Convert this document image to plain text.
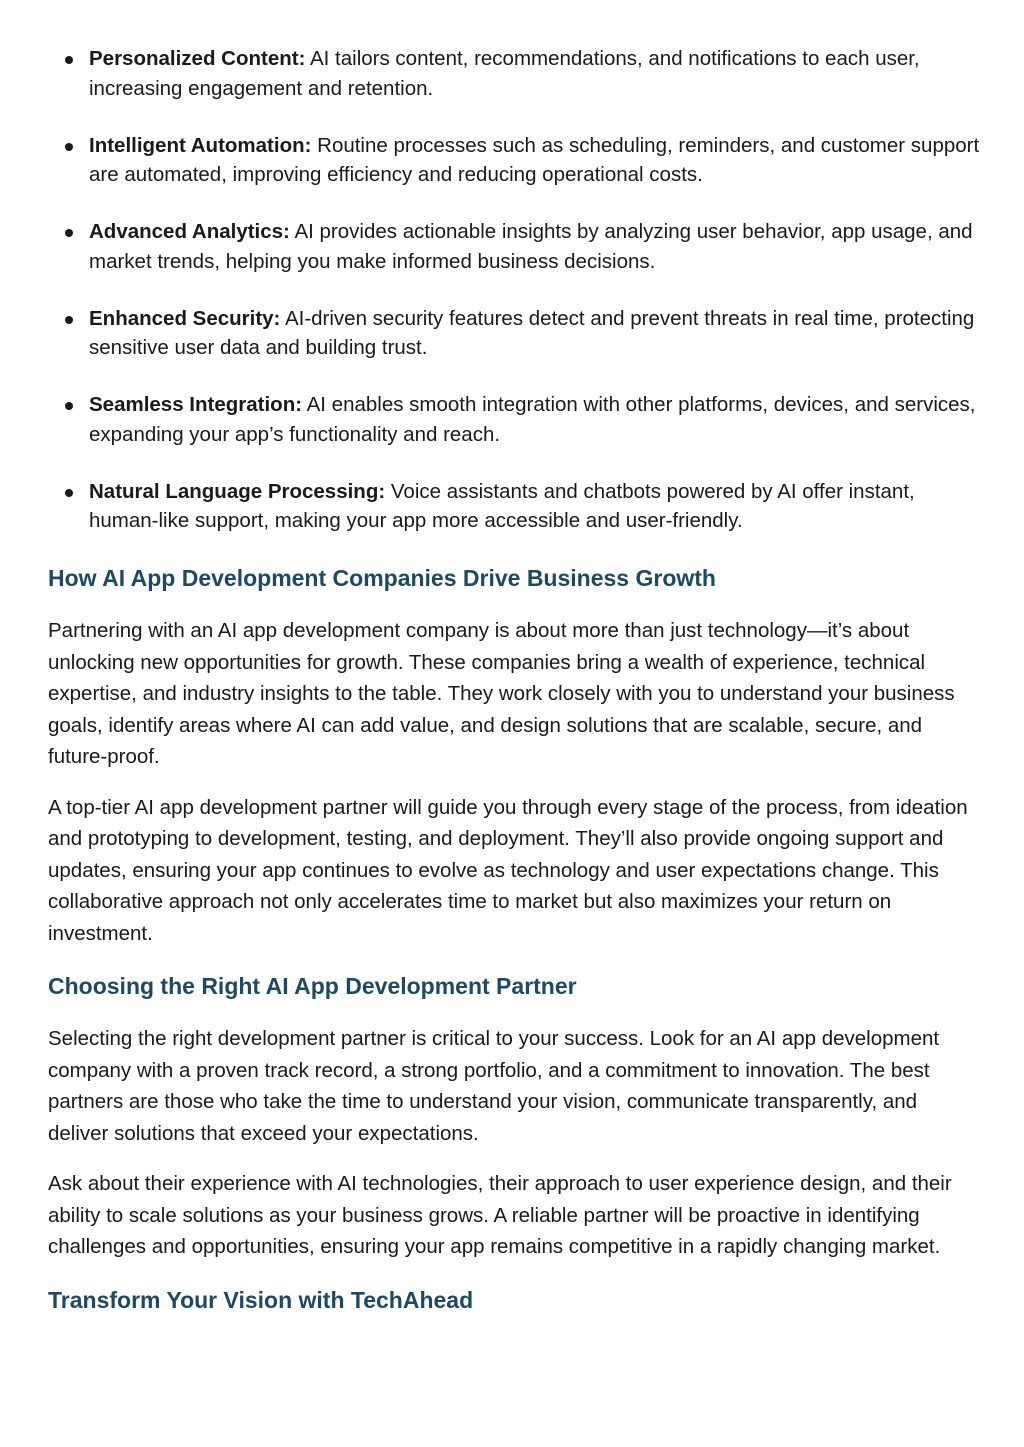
Personalized Content: AI tailors content, recommendations, and notifications to each user, increasing engagement and retention.
Intelligent Automation: Routine processes such as scheduling, reminders, and customer support are automated, improving efficiency and reducing operational costs.
Advanced Analytics: AI provides actionable insights by analyzing user behavior, app usage, and market trends, helping you make informed business decisions.
Enhanced Security: AI-driven security features detect and prevent threats in real time, protecting sensitive user data and building trust.
Seamless Integration: AI enables smooth integration with other platforms, devices, and services, expanding your app’s functionality and reach.
Natural Language Processing: Voice assistants and chatbots powered by AI offer instant, human-like support, making your app more accessible and user-friendly.
How AI App Development Companies Drive Business Growth

Partnering with an AI app development company is about more than just technology—it’s about unlocking new opportunities for growth. These companies bring a wealth of experience, technical expertise, and industry insights to the table. They work closely with you to understand your business goals, identify areas where AI can add value, and design solutions that are scalable, secure, and future-proof.

A top-tier AI app development partner will guide you through every stage of the process, from ideation and prototyping to development, testing, and deployment. They’ll also provide ongoing support and updates, ensuring your app continues to evolve as technology and user expectations change. This collaborative approach not only accelerates time to market but also maximizes your return on investment.

Choosing the Right AI App Development Partner

Selecting the right development partner is critical to your success. Look for an AI app development company with a proven track record, a strong portfolio, and a commitment to innovation. The best partners are those who take the time to understand your vision, communicate transparently, and deliver solutions that exceed your expectations.

Ask about their experience with AI technologies, their approach to user experience design, and their ability to scale solutions as your business grows. A reliable partner will be proactive in identifying challenges and opportunities, ensuring your app remains competitive in a rapidly changing market.

Transform Your Vision with TechAhead
